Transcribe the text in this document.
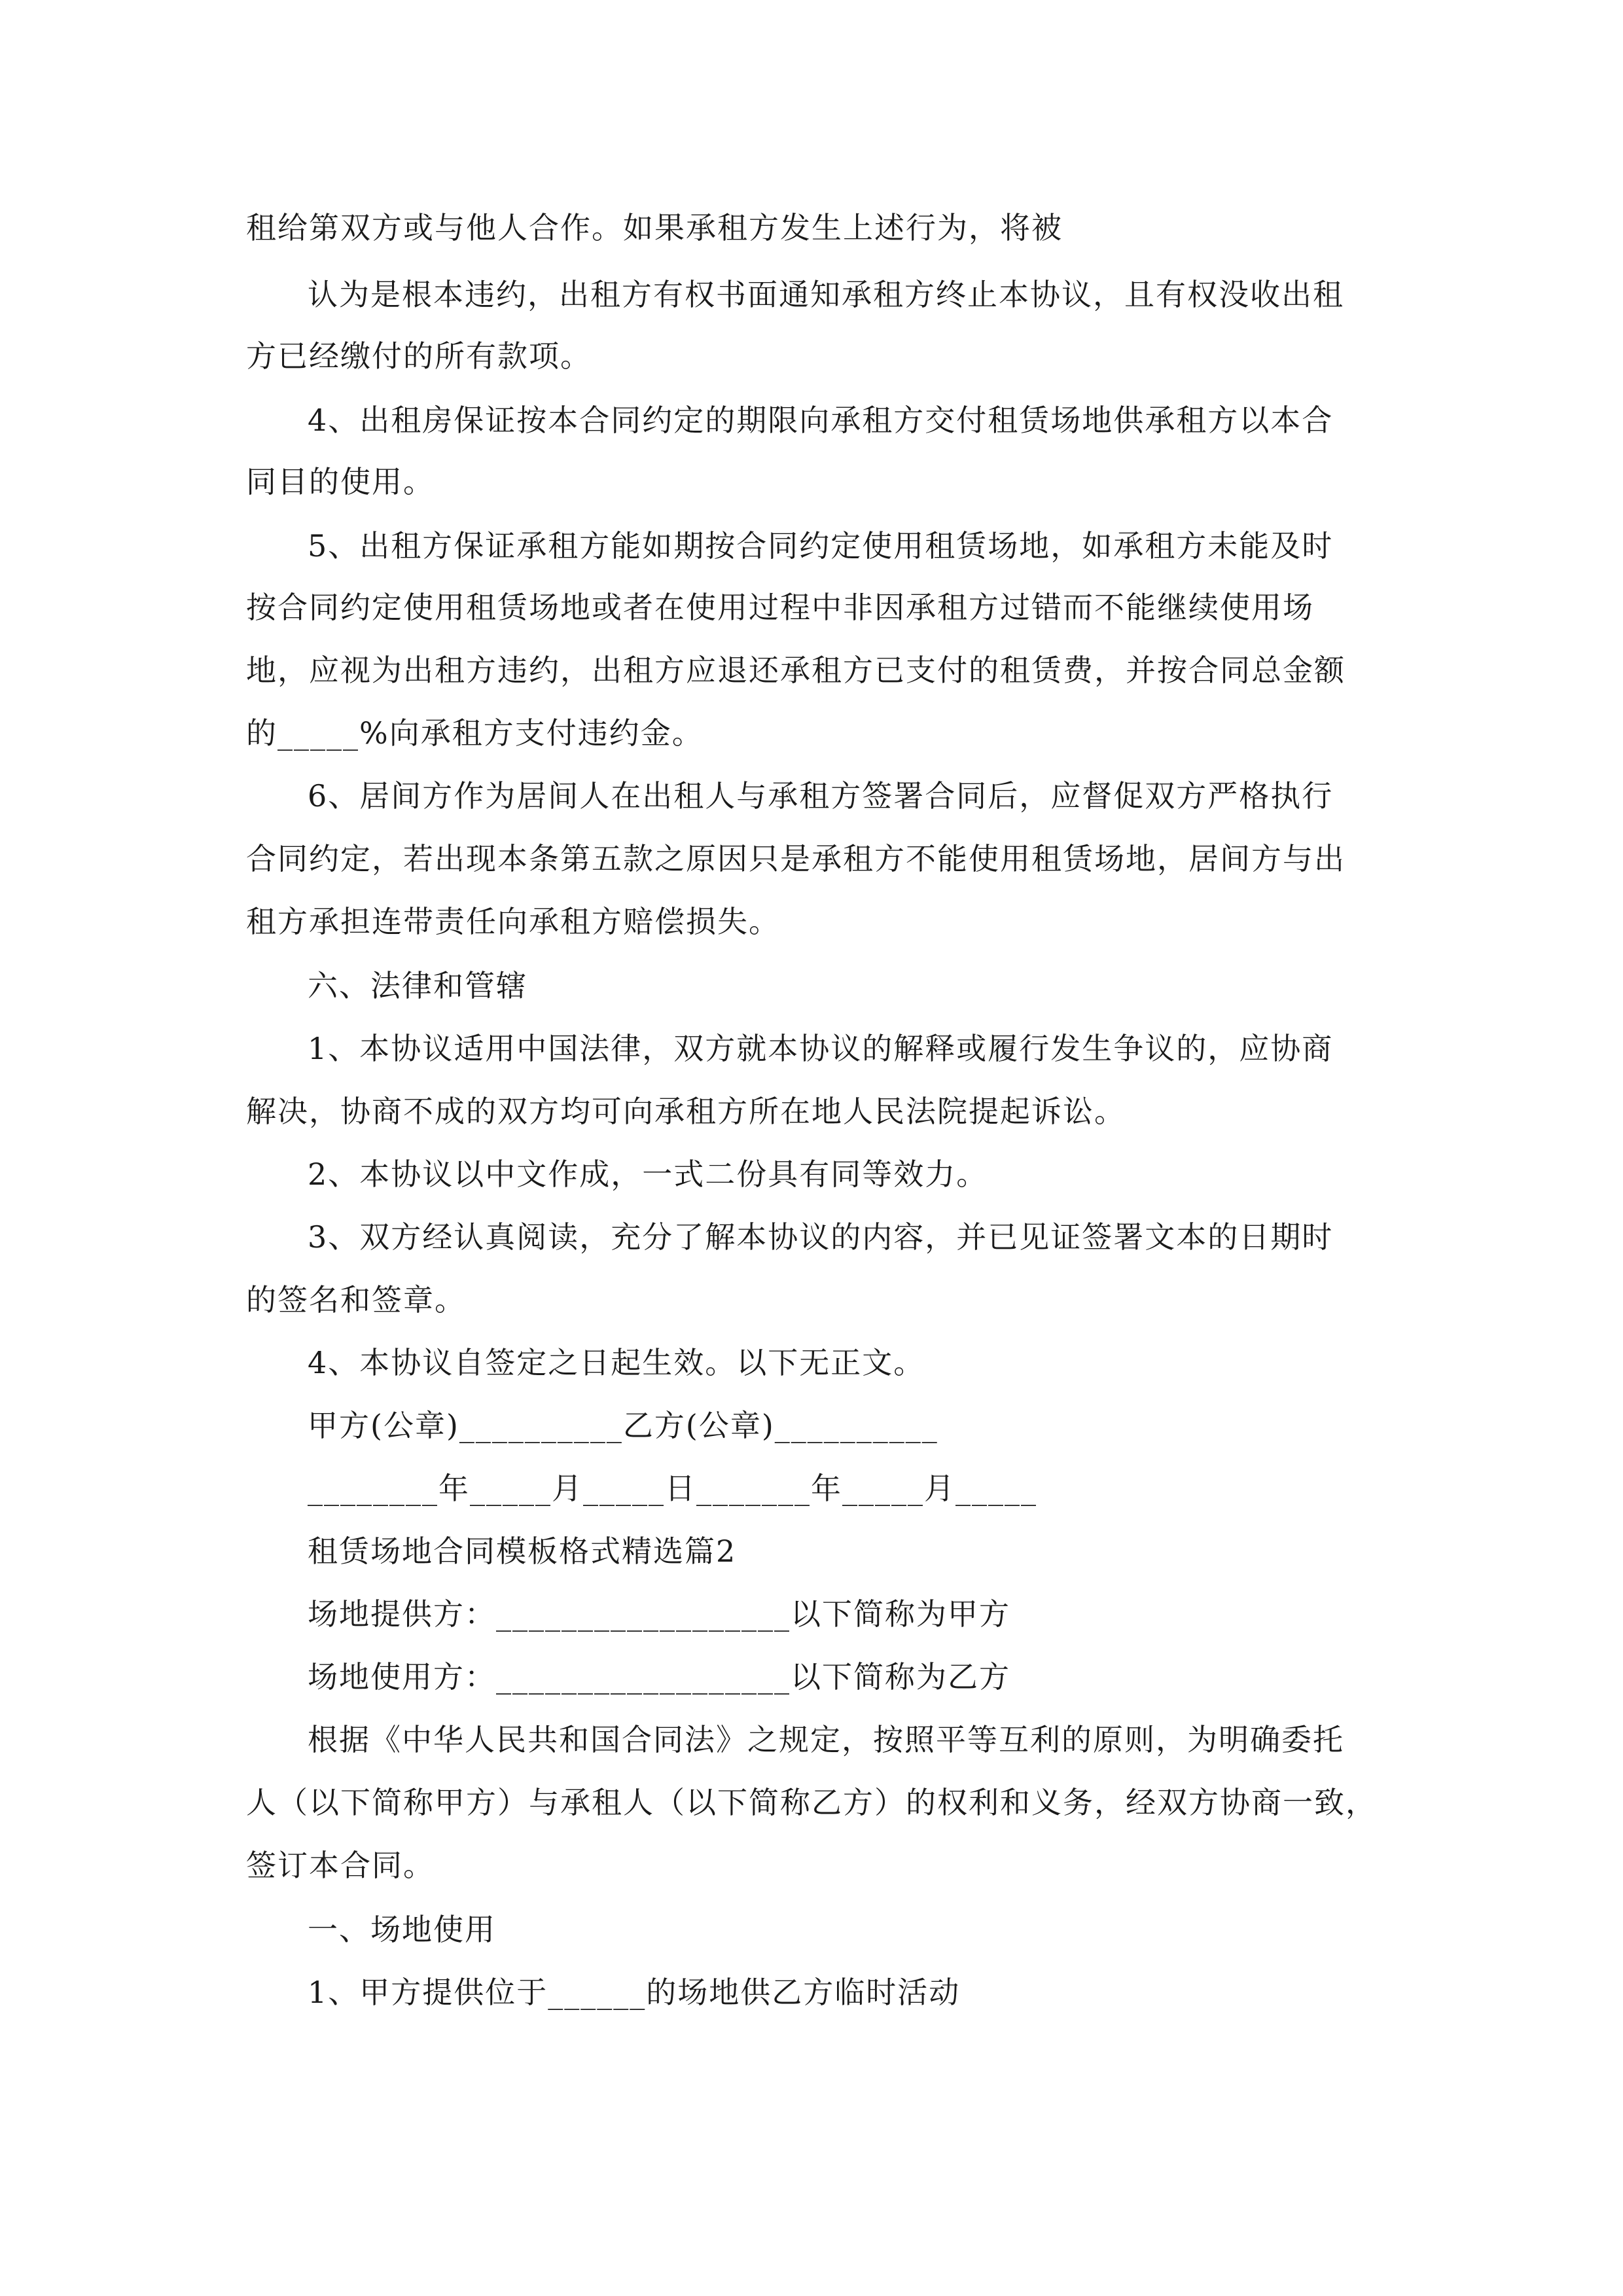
租给第双方或与他人合作。如果承租方发生上述行为，将被
认为是根本违约，出租方有权书面通知承租方终止本协议，且有权没收出租
方已经缴付的所有款项。
4、出租房保证按本合同约定的期限向承租方交付租赁场地供承租方以本合
同目的使用。
5、出租方保证承租方能如期按合同约定使用租赁场地，如承租方未能及时
按合同约定使用租赁场地或者在使用过程中非因承租方过错而不能继续使用场
地，应视为出租方违约，出租方应退还承租方已支付的租赁费，并按合同总金额
的_____%向承租方支付违约金。
6、居间方作为居间人在出租人与承租方签署合同后，应督促双方严格执行
合同约定，若出现本条第五款之原因只是承租方不能使用租赁场地，居间方与出
租方承担连带责任向承租方赔偿损失。
六、法律和管辖
1、本协议适用中国法律，双方就本协议的解释或履行发生争议的，应协商
解决，协商不成的双方均可向承租方所在地人民法院提起诉讼。
2、本协议以中文作成，一式二份具有同等效力。
3、双方经认真阅读，充分了解本协议的内容，并已见证签署文本的日期时
的签名和签章。
4、本协议自签定之日起生效。以下无正文。
甲方(公章)__________乙方(公章)__________
________年_____月_____日_______年_____月_____
租赁场地合同模板格式精选篇2
场地提供方：__________________以下简称为甲方
场地使用方：__________________以下简称为乙方
根据《中华人民共和国合同法》之规定，按照平等互利的原则，为明确委托
人（以下简称甲方）与承租人（以下简称乙方）的权利和义务，经双方协商一致，
签订本合同。
一、场地使用
1、甲方提供位于______的场地供乙方临时活动
